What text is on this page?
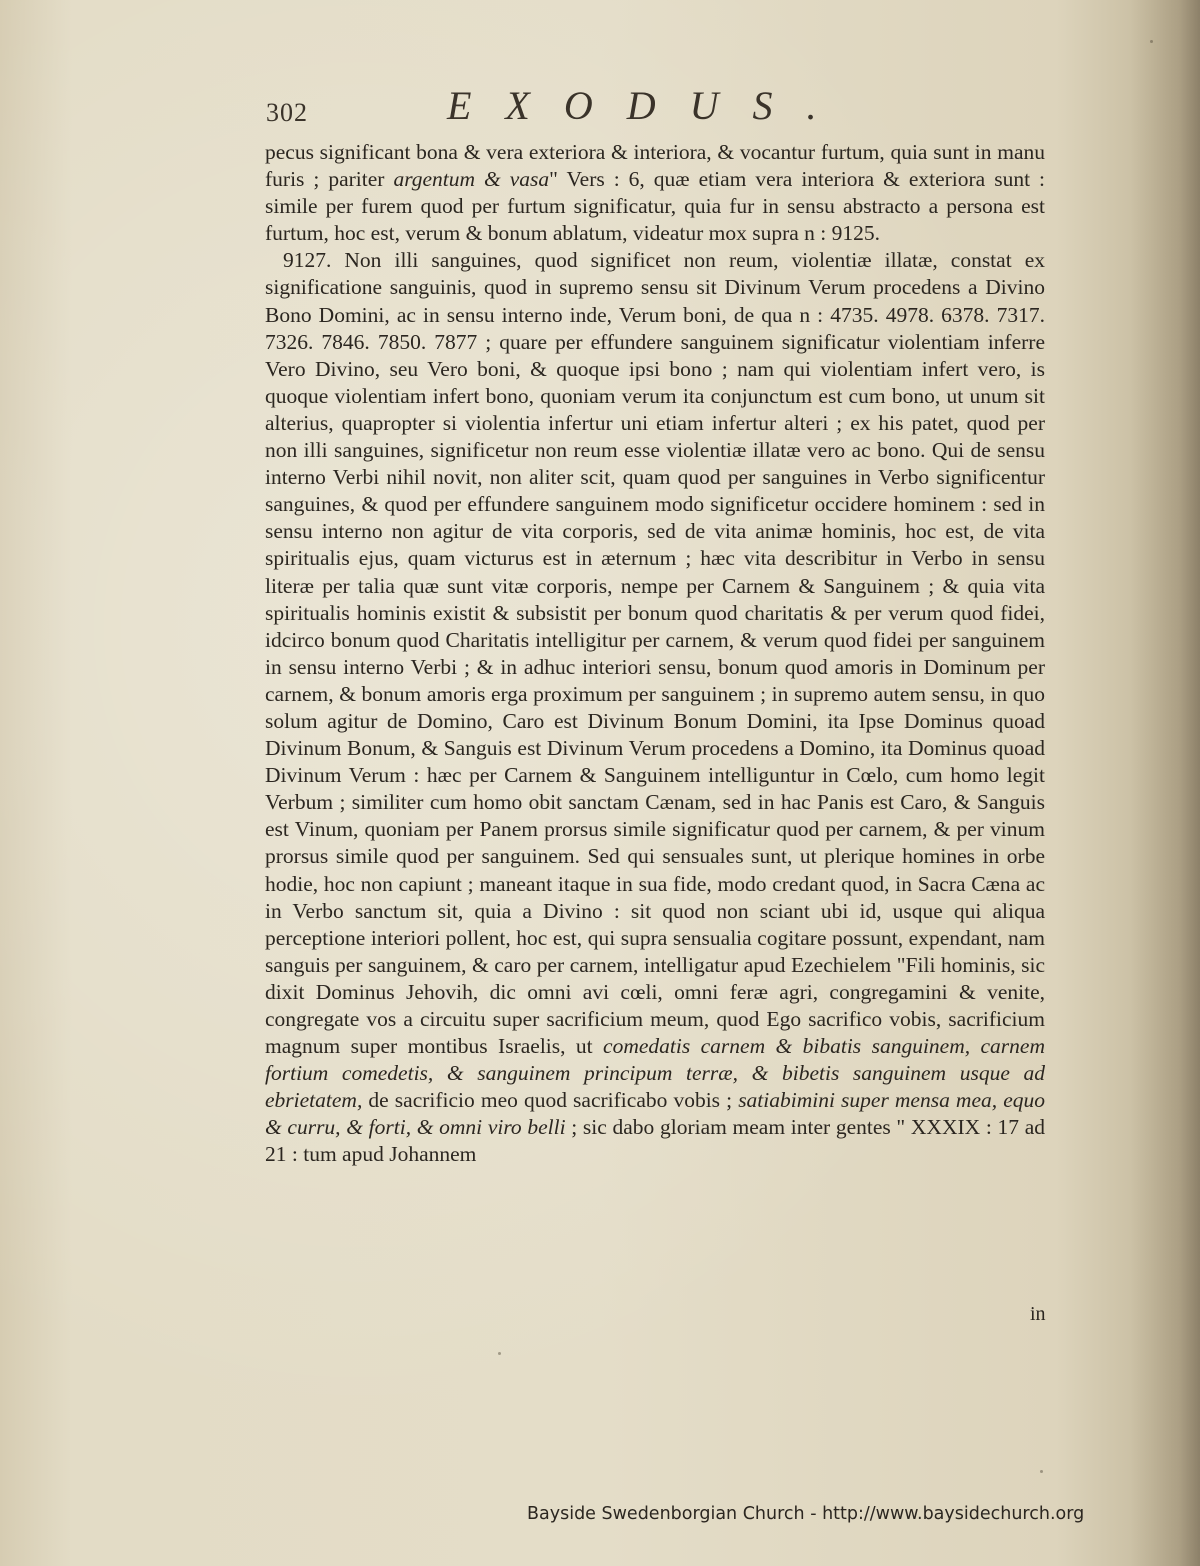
302	EXODUS.

pecus significant bona & vera exteriora & interiora, & vocantur furtum, quia sunt in manu furis ; pariter argentum & vasa" Vers : 6, quæ etiam vera interiora & exteriora sunt : simile per furem quod per furtum significatur, quia fur in sensu abstracto a persona est furtum, hoc est, verum & bonum ablatum, videatur mox supra n : 9125.

9127. Non illi sanguines, quod significet non reum, violentiæ illatæ, constat ex significatione sanguinis, quod in supremo sensu sit Divinum Verum procedens a Divino Bono Domini, ac in sensu interno inde, Verum boni, de qua n : 4735. 4978. 6378. 7317. 7326. 7846. 7850. 7877 ; quare per effundere sanguinem significatur violentiam inferre Vero Divino, seu Vero boni, & quoque ipsi bono ; nam qui violentiam infert vero, is quoque violentiam infert bono, quoniam verum ita conjunctum est cum bono, ut unum sit alterius, quapropter si violentia infertur uni etiam infertur alteri ; ex his patet, quod per non illi sanguines, significetur non reum esse violentiæ illatæ vero ac bono. Qui de sensu interno Verbi nihil novit, non aliter scit, quam quod per sanguines in Verbo significentur sanguines, & quod per effundere sanguinem modo significetur occidere hominem : sed in sensu interno non agitur de vita corporis, sed de vita animæ hominis, hoc est, de vita spiritualis ejus, quam victurus est in æternum ; hæc vita describitur in Verbo in sensu literæ per talia quæ sunt vitæ corporis, nempe per Carnem & Sanguinem ; & quia vita spiritualis hominis existit & subsistit per bonum quod charitatis & per verum quod fidei, idcirco bonum quod Charitatis intelligitur per carnem, & verum quod fidei per sanguinem in sensu interno Verbi ; & in adhuc interiori sensu, bonum quod amoris in Dominum per carnem, & bonum amoris erga proximum per sanguinem ; in supremo autem sensu, in quo solum agitur de Domino, Caro est Divinum Bonum Domini, ita Ipse Dominus quoad Divinum Bonum, & Sanguis est Divinum Verum procedens a Domino, ita Dominus quoad Divinum Verum : hæc per Carnem & Sanguinem intelliguntur in Cœlo, cum homo legit Verbum ; similiter cum homo obit sanctam Cænam, sed in hac Panis est Caro, & Sanguis est Vinum, quoniam per Panem prorsus simile significatur quod per carnem, & per vinum prorsus simile quod per sanguinem. Sed qui sensuales sunt, ut plerique homines in orbe hodie, hoc non capiunt ; maneant itaque in sua fide, modo credant quod, in Sacra Cæna ac in Verbo sanctum sit, quia a Divino : sit quod non sciant ubi id, usque qui aliqua perceptione interiori pollent, hoc est, qui supra sensualia cogitare possunt, expendant, nam sanguis per sanguinem, & caro per carnem, intelligatur apud Ezechielem "Fili hominis, sic dixit Dominus Jehovih, dic omni avi cœli, omni feræ agri, congregamini & venite, congregate vos a circuitu super sacrificium meum, quod Ego sacrifico vobis, sacrificium magnum super montibus Israelis, ut comedatis carnem & bibatis sanguinem, carnem fortium comedetis, & sanguinem principum terræ, & bibetis sanguinem usque ad ebrietatem, de sacrificio meo quod sacrificabo vobis ; satiabimini super mensa mea, equo & curru, & forti, & omni viro belli ; sic dabo gloriam meam inter gentes " XXXIX : 17 ad 21 : tum apud Johannem

in
Bayside Swedenborgian Church - http://www.baysidechurch.org
